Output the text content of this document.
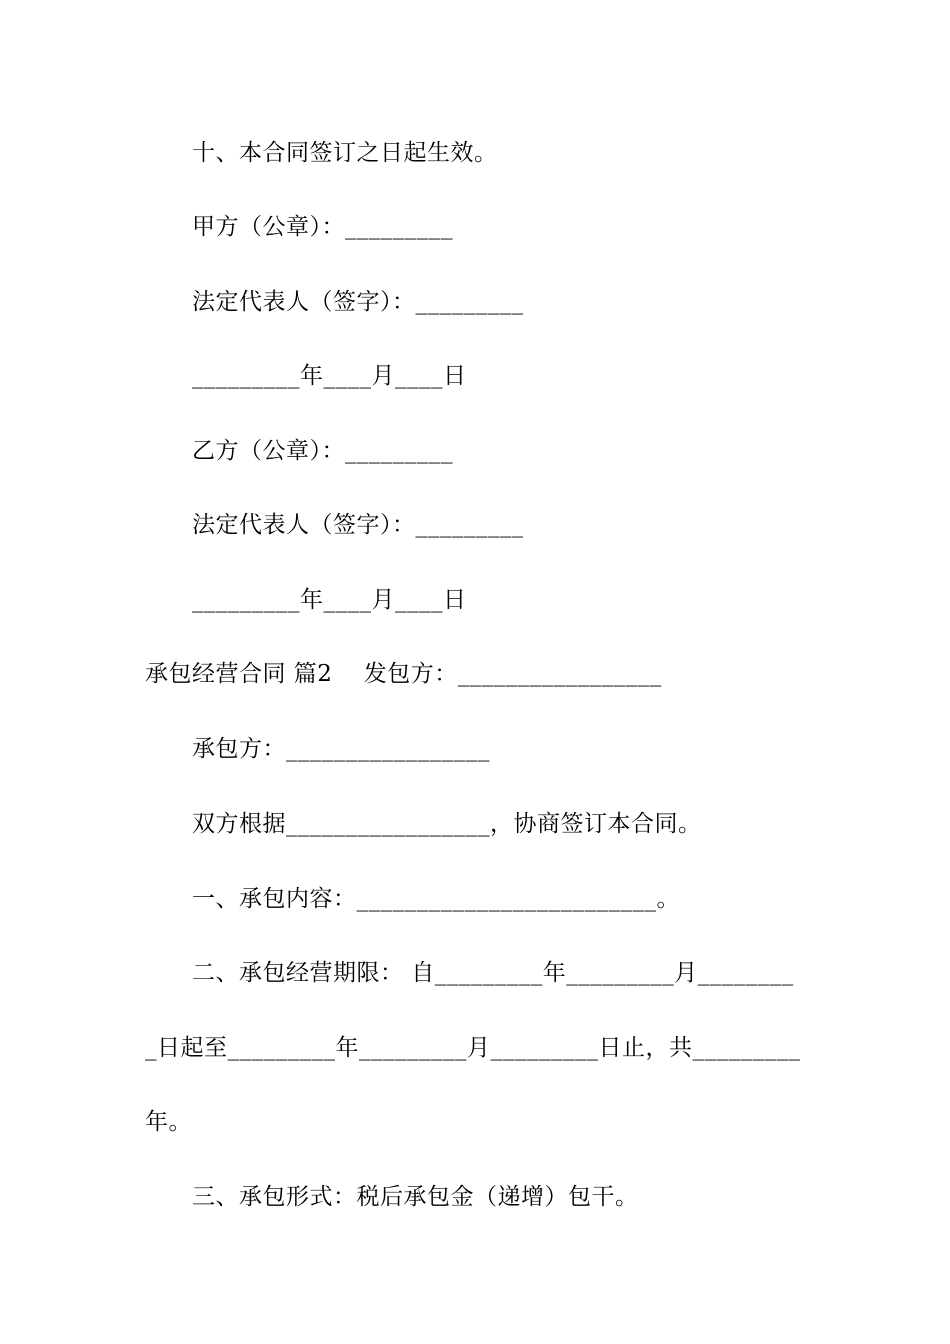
十、本合同签订之日起生效。
甲方（公章）：_________
法定代表人（签字）：_________
_________年____月____日
乙方（公章）：_________
法定代表人（签字）：_________
_________年____月____日
承包经营合同 篇2    发包方：_________________
承包方：_________________
双方根据_________________，协商签订本合同。
一、承包内容：_________________________。
二、承包经营期限： 自_________年_________月________
_日起至_________年_________月_________日止，共_________
年。
三、承包形式：税后承包金（递增）包干。
